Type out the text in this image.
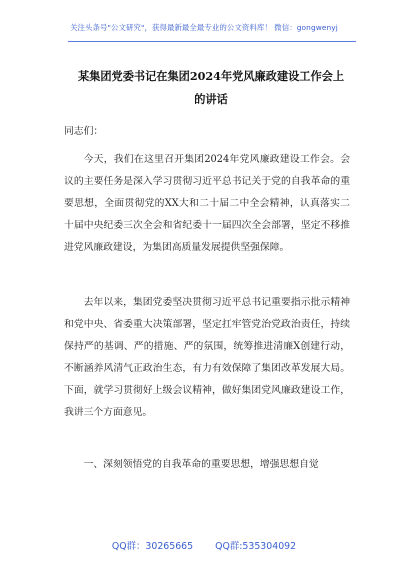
关注头条号"公文研究"，获得最新最全最专业的公文资料库！ 微信：gongwenyj
某集团党委书记在集团2024年党风廉政建设工作会上的讲话
同志们：

今天，我们在这里召开集团2024年党风廉政建设工作会。会议的主要任务是深入学习贯彻习近平总书记关于党的自我革命的重要思想，全面贯彻党的XX大和二十届二中全会精神，认真落实二十届中央纪委三次全会和省纪委十一届四次全会部署，坚定不移推进党风廉政建设，为集团高质量发展提供坚强保障。

去年以来，集团党委坚决贯彻习近平总书记重要指示批示精神和党中央、省委重大决策部署，坚定扛牢管党治党政治责任，持续保持严的基调、严的措施、严的氛围，统筹推进清廉X创建行动，不断涵养风清气正政治生态，有力有效保障了集团改革发展大局。下面，就学习贯彻好上级会议精神，做好集团党风廉政建设工作，我讲三个方面意见。

一、深刻领悟党的自我革命的重要思想，增强思想自觉

QQ群：30265665 QQ群:535304092
